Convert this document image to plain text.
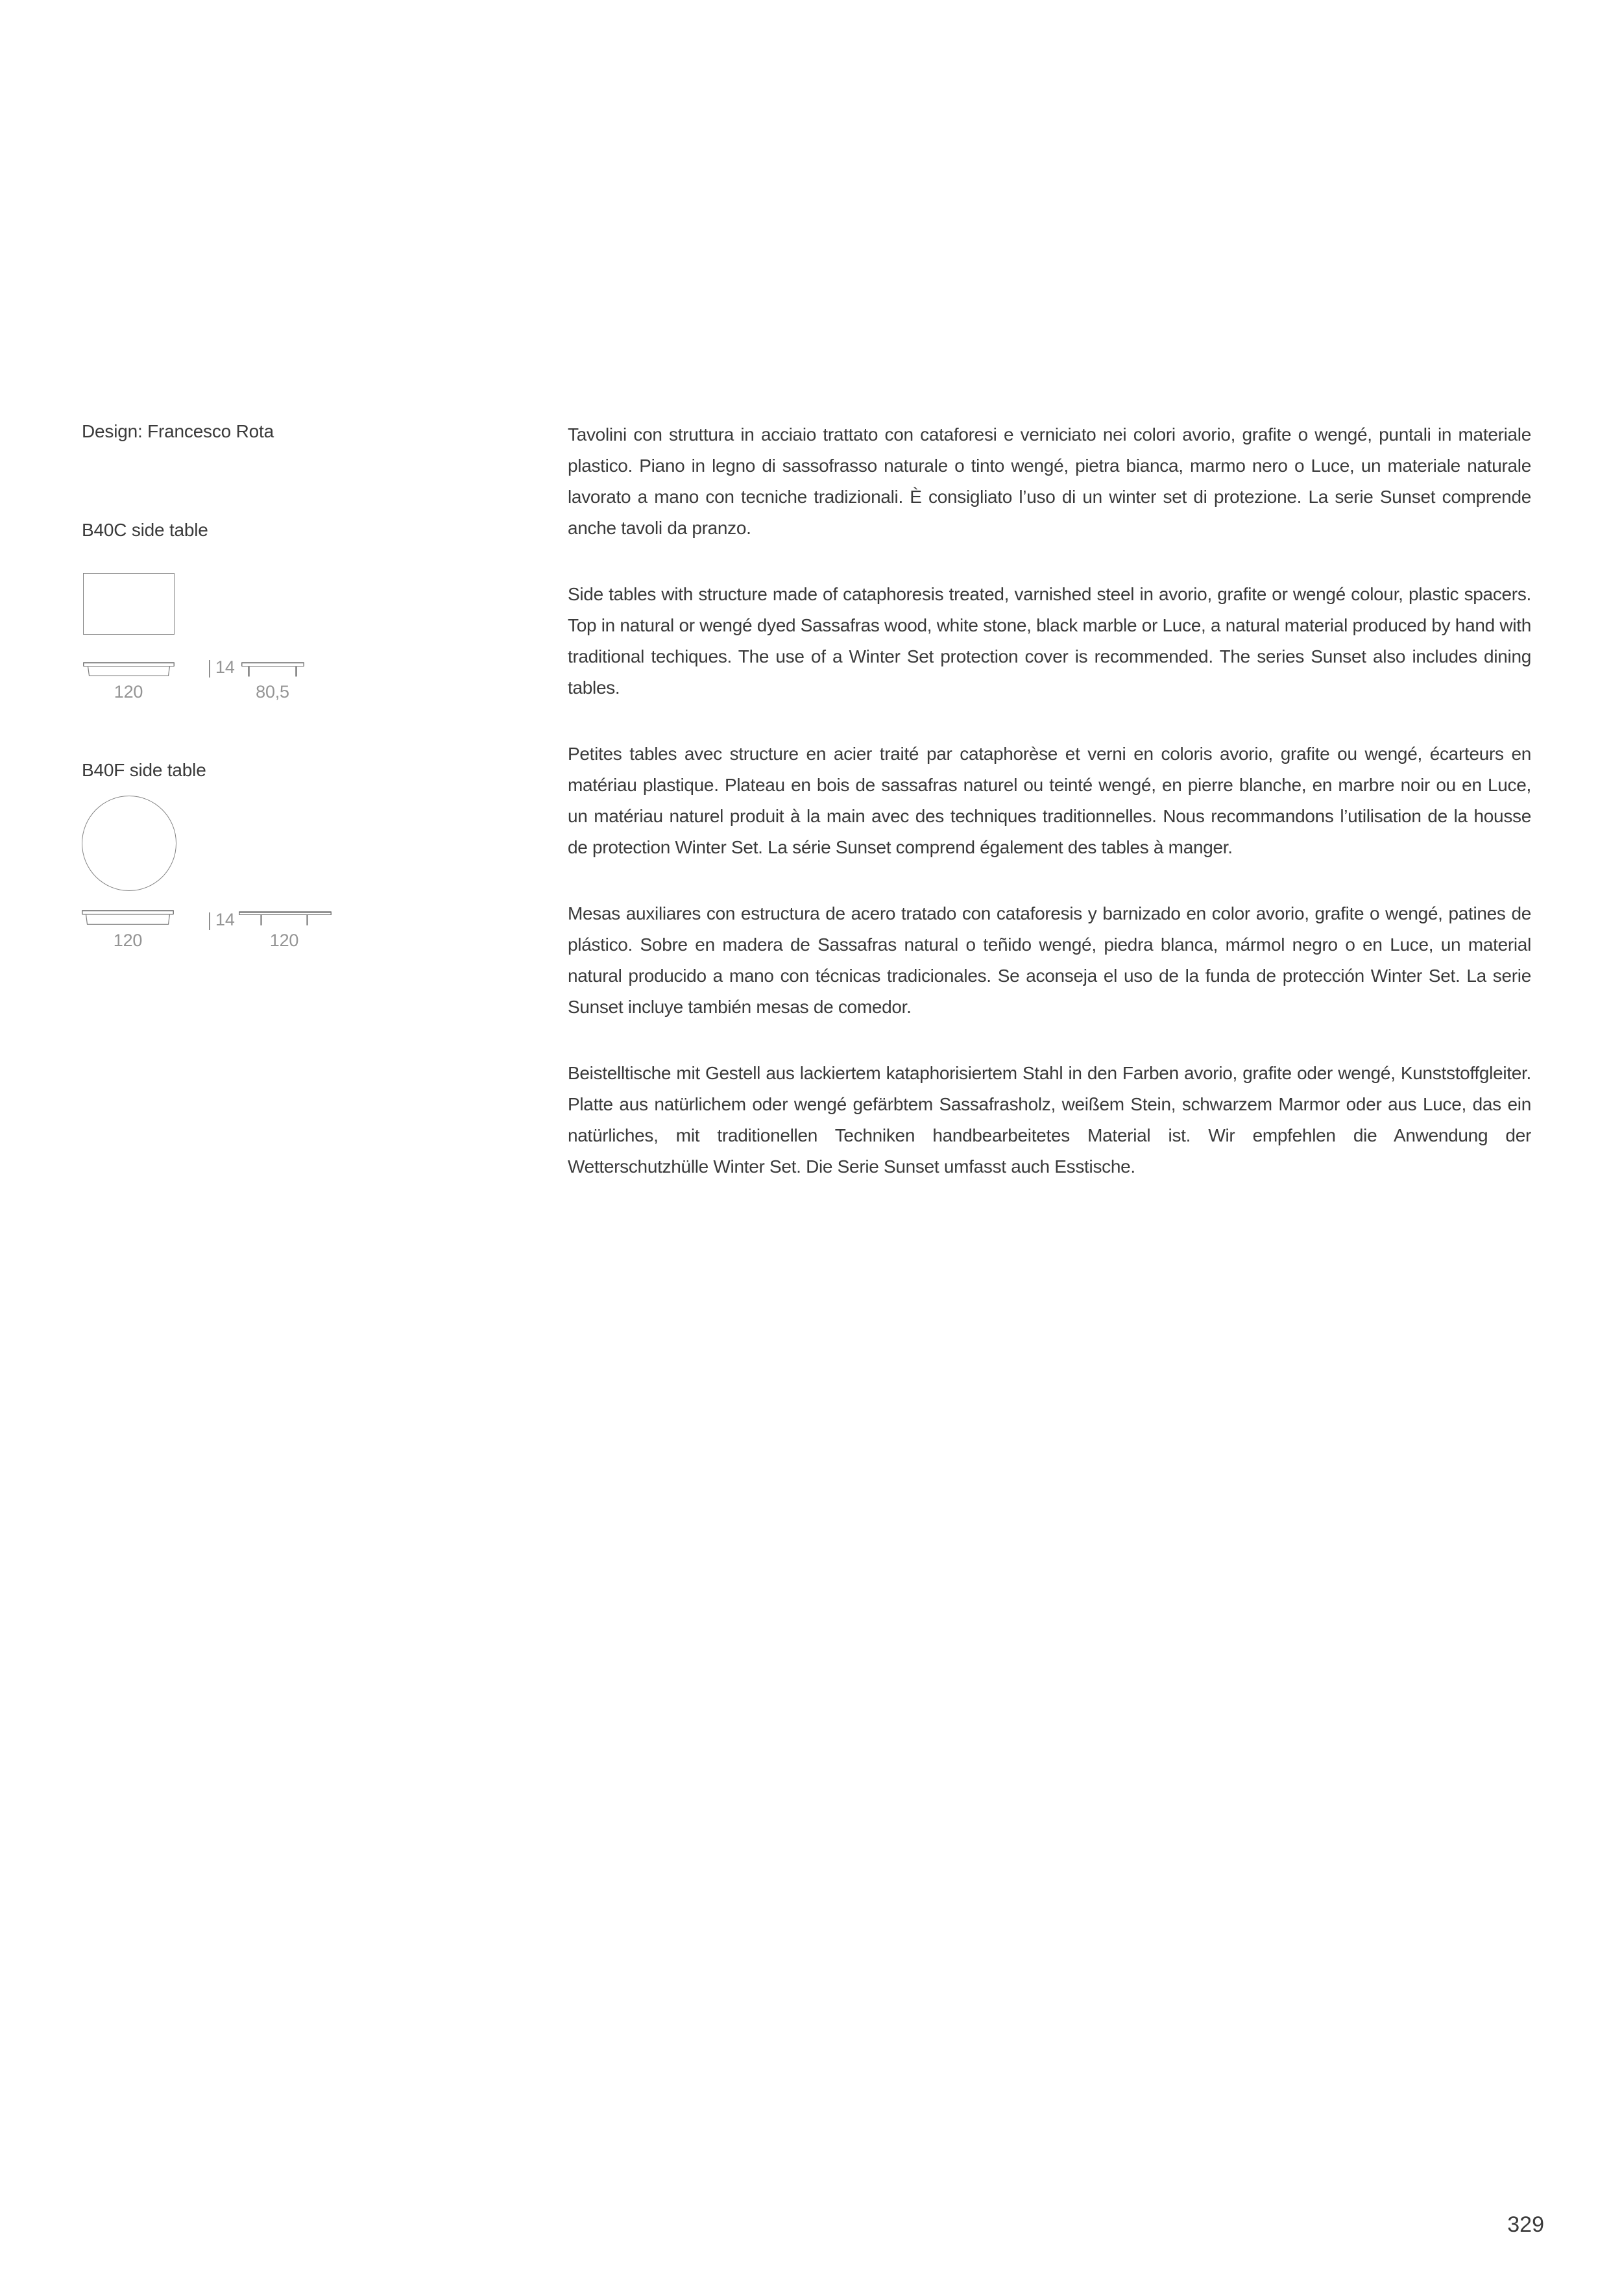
Design: Francesco Rota
B40C side table
14
120	80,5
B40F side table
14
120	120

Tavolini con struttura in acciaio trattato con cataforesi e verniciato nei colori avorio, grafite o wengé, puntali in materiale plastico. Piano in legno di sassofrasso naturale o tinto wengé, pietra bianca, marmo nero o Luce, un materiale naturale lavorato a mano con tecniche tradizionali. È consigliato l’uso di un winter set di protezione. La serie Sunset comprende anche tavoli da pranzo.

Side tables with structure made of cataphoresis treated, varnished steel in avorio, grafite or wengé colour, plastic spacers. Top in natural or wengé dyed Sassafras wood, white stone, black marble or Luce, a natural material produced by hand with traditional techiques. The use of a Winter Set protection cover is recommended. The series Sunset also includes dining tables.

Petites tables avec structure en acier traité par cataphorèse et verni en coloris avorio, grafite ou wengé, écarteurs en matériau plastique. Plateau en bois de sassafras naturel ou teinté wengé, en pierre blanche, en marbre noir ou en Luce, un matériau naturel produit à la main avec des techniques traditionnelles. Nous recommandons l’utilisation de la housse de protection Winter Set. La série Sunset comprend également des tables à manger.

Mesas auxiliares con estructura de acero tratado con cataforesis y barnizado en color avorio, grafite o wengé, patines de plástico. Sobre en madera de Sassafras natural o teñido wengé, piedra blanca, mármol negro o en Luce, un material natural producido a mano con técnicas tradicionales. Se aconseja el uso de la funda de protección Winter Set. La serie Sunset incluye también mesas de comedor.

Beistelltische mit Gestell aus lackiertem kataphorisiertem Stahl in den Farben avorio, grafite oder wengé, Kunststoffgleiter. Platte aus natürlichem oder wengé gefärbtem Sassafrasholz, weißem Stein, schwarzem Marmor oder aus Luce, das ein natürliches, mit traditionellen Techniken handbearbeitetes Material ist. Wir empfehlen die Anwendung der Wetterschutzhülle Winter Set. Die Serie Sunset umfasst auch Esstische.

329
